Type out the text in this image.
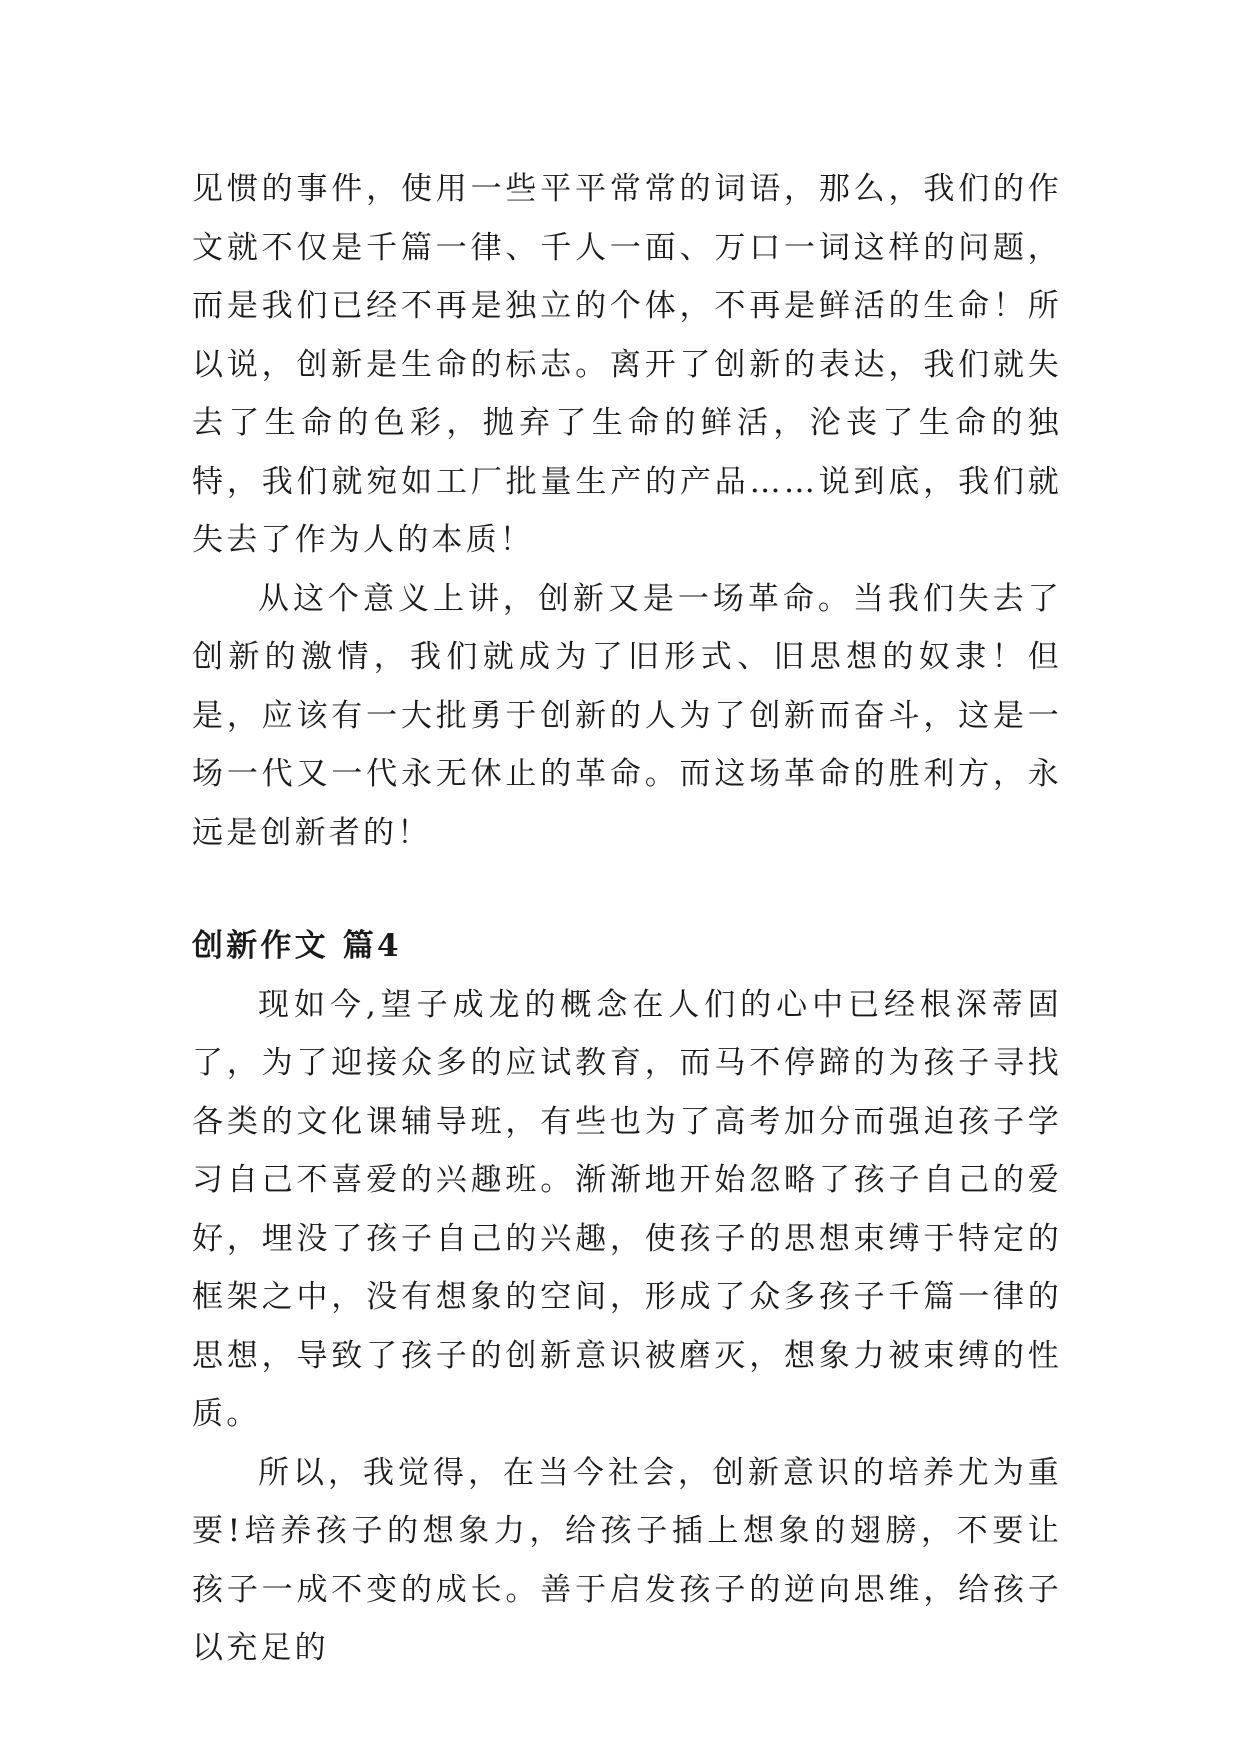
见惯的事件，使用一些平平常常的词语，那么，我们的作文就不仅是千篇一律、千人一面、万口一词这样的问题，而是我们已经不再是独立的个体，不再是鲜活的生命！所以说，创新是生命的标志。离开了创新的表达，我们就失去了生命的色彩，抛弃了生命的鲜活，沦丧了生命的独特，我们就宛如工厂批量生产的产品……说到底，我们就失去了作为人的本质！

从这个意义上讲，创新又是一场革命。当我们失去了创新的激情，我们就成为了旧形式、旧思想的奴隶！但是，应该有一大批勇于创新的人为了创新而奋斗，这是一场一代又一代永无休止的革命。而这场革命的胜利方，永远是创新者的！

创新作文 篇4

现如今,望子成龙的概念在人们的心中已经根深蒂固了，为了迎接众多的应试教育，而马不停蹄的为孩子寻找各类的文化课辅导班，有些也为了高考加分而强迫孩子学习自己不喜爱的兴趣班。渐渐地开始忽略了孩子自己的爱好，埋没了孩子自己的兴趣，使孩子的思想束缚于特定的框架之中，没有想象的空间，形成了众多孩子千篇一律的思想，导致了孩子的创新意识被磨灭，想象力被束缚的性质。

所以，我觉得，在当今社会，创新意识的培养尤为重要!培养孩子的想象力，给孩子插上想象的翅膀，不要让孩子一成不变的成长。善于启发孩子的逆向思维，给孩子以充足的
